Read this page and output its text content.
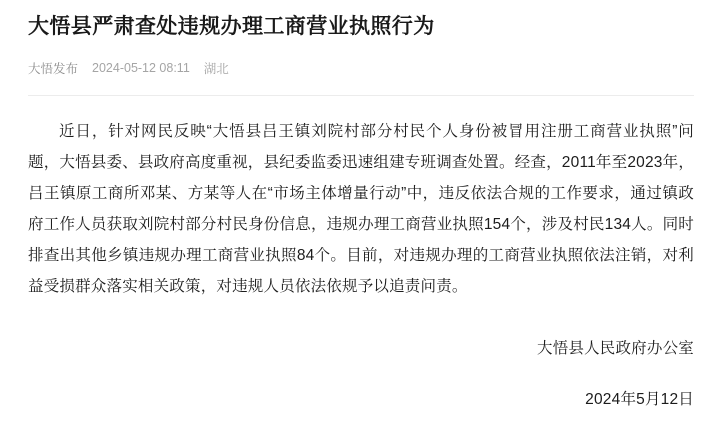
大悟县严肃查处违规办理工商营业执照行为
大悟发布 2024-05-12 08:11 湖北

近日，针对网民反映“大悟县吕王镇刘院村部分村民个人身份被冒用注册工商营业执照”问题，大悟县委、县政府高度重视，县纪委监委迅速组建专班调查处置。经查，2011年至2023年，吕王镇原工商所邓某、方某等人在“市场主体增量行动”中，违反依法合规的工作要求，通过镇政府工作人员获取刘院村部分村民身份信息，违规办理工商营业执照154个，涉及村民134人。同时排查出其他乡镇违规办理工商营业执照84个。目前，对违规办理的工商营业执照依法注销，对利益受损群众落实相关政策，对违规人员依法依规予以追责问责。

大悟县人民政府办公室
2024年5月12日
